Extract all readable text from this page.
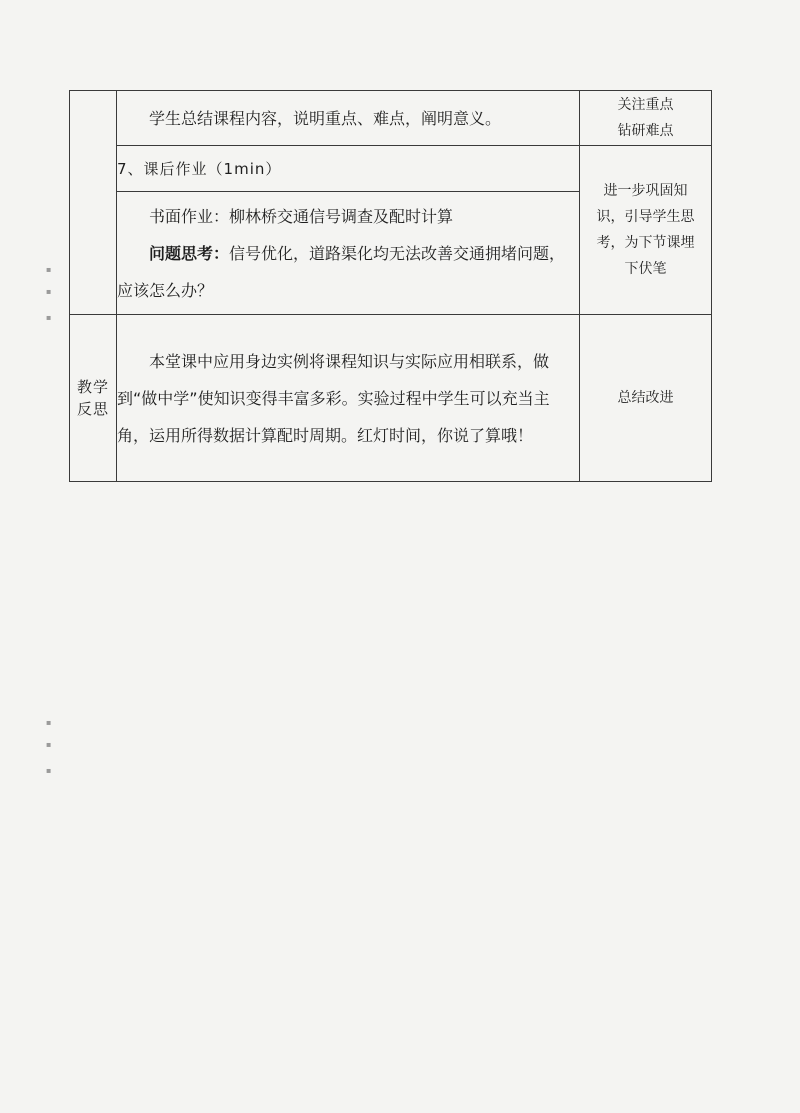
▪
▪
▪
▪
▪
▪

	学生总结课程内容，说明重点、难点，阐明意义。	关注重点
钻研难点

	7、课后作业（1min）	进一步巩固知
识，引导学生思
考，为下节课埋
下伏笔

	书面作业：柳林桥交通信号调查及配时计算

问题思考：信号优化，道路渠化均无法改善交通拥堵问题，应该怎么办？	

教学
反思	本堂课中应用身边实例将课程知识与实际应用相联系，做到“做中学”使知识变得丰富多彩。实验过程中学生可以充当主角，运用所得数据计算配时周期。红灯时间，你说了算哦！	总结改进
